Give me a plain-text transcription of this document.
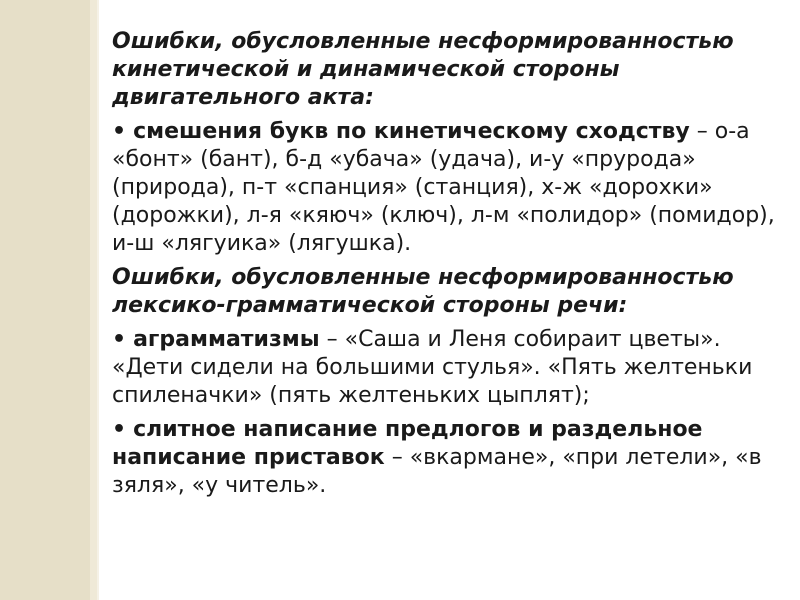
Ошибки, обусловленные несформированностью кинетической и динамической стороны двигательного акта:

• смешения букв по кинетическому сходству – о-а «бонт» (бант), б-д «убача» (удача), и-у «прурода» (природа), п-т «спанция» (станция), х-ж «дорохки» (дорожки), л-я «кяюч» (ключ), л-м «полидор» (помидор), и-ш «лягуика» (лягушка).

Ошибки, обусловленные несформированностью лексико-грамматической стороны речи:

• аграмматизмы – «Саша и Леня собираит цветы». «Дети сидели на большими стулья». «Пять желтеньки спиленачки» (пять желтеньких цыплят);

• слитное написание предлогов и раздельное написание приставок – «вкармане», «при летели», «в зяля», «у читель».
